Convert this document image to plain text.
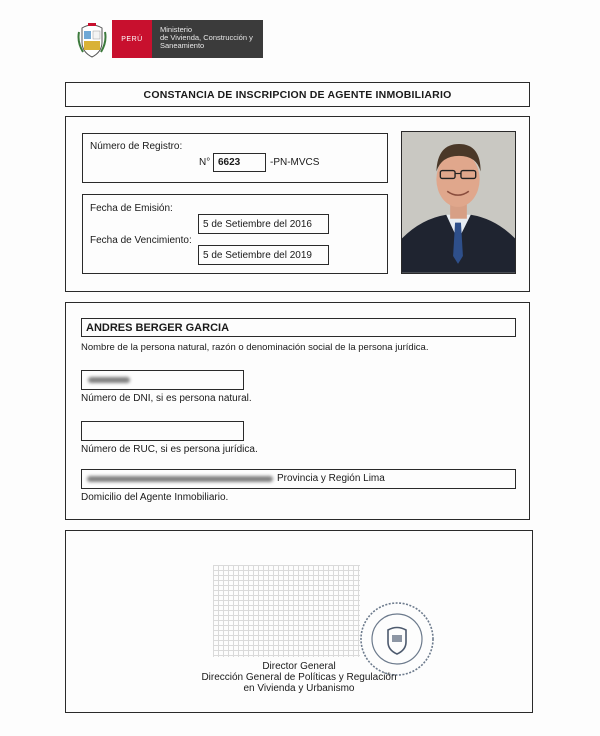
PERÚ
Ministerio
de Vivienda, Construcción y
Saneamiento
CONSTANCIA DE INSCRIPCION DE AGENTE INMOBILIARIO
Número de Registro:
N° 6623	-PN-MVCS
Fecha de Emisión:
5 de Setiembre del 2016
Fecha de Vencimiento:
5 de Setiembre del 2019
ANDRES BERGER GARCIA
Nombre de la persona natural, razón o denominación social de la persona jurídica.
Número de DNI, si es persona natural.
Número de RUC, si es persona jurídica.
Provincia y Región Lima
Domicilio del Agente Inmobiliario.
Director General
Dirección General de Políticas y Regulación
en Vivienda y Urbanismo
